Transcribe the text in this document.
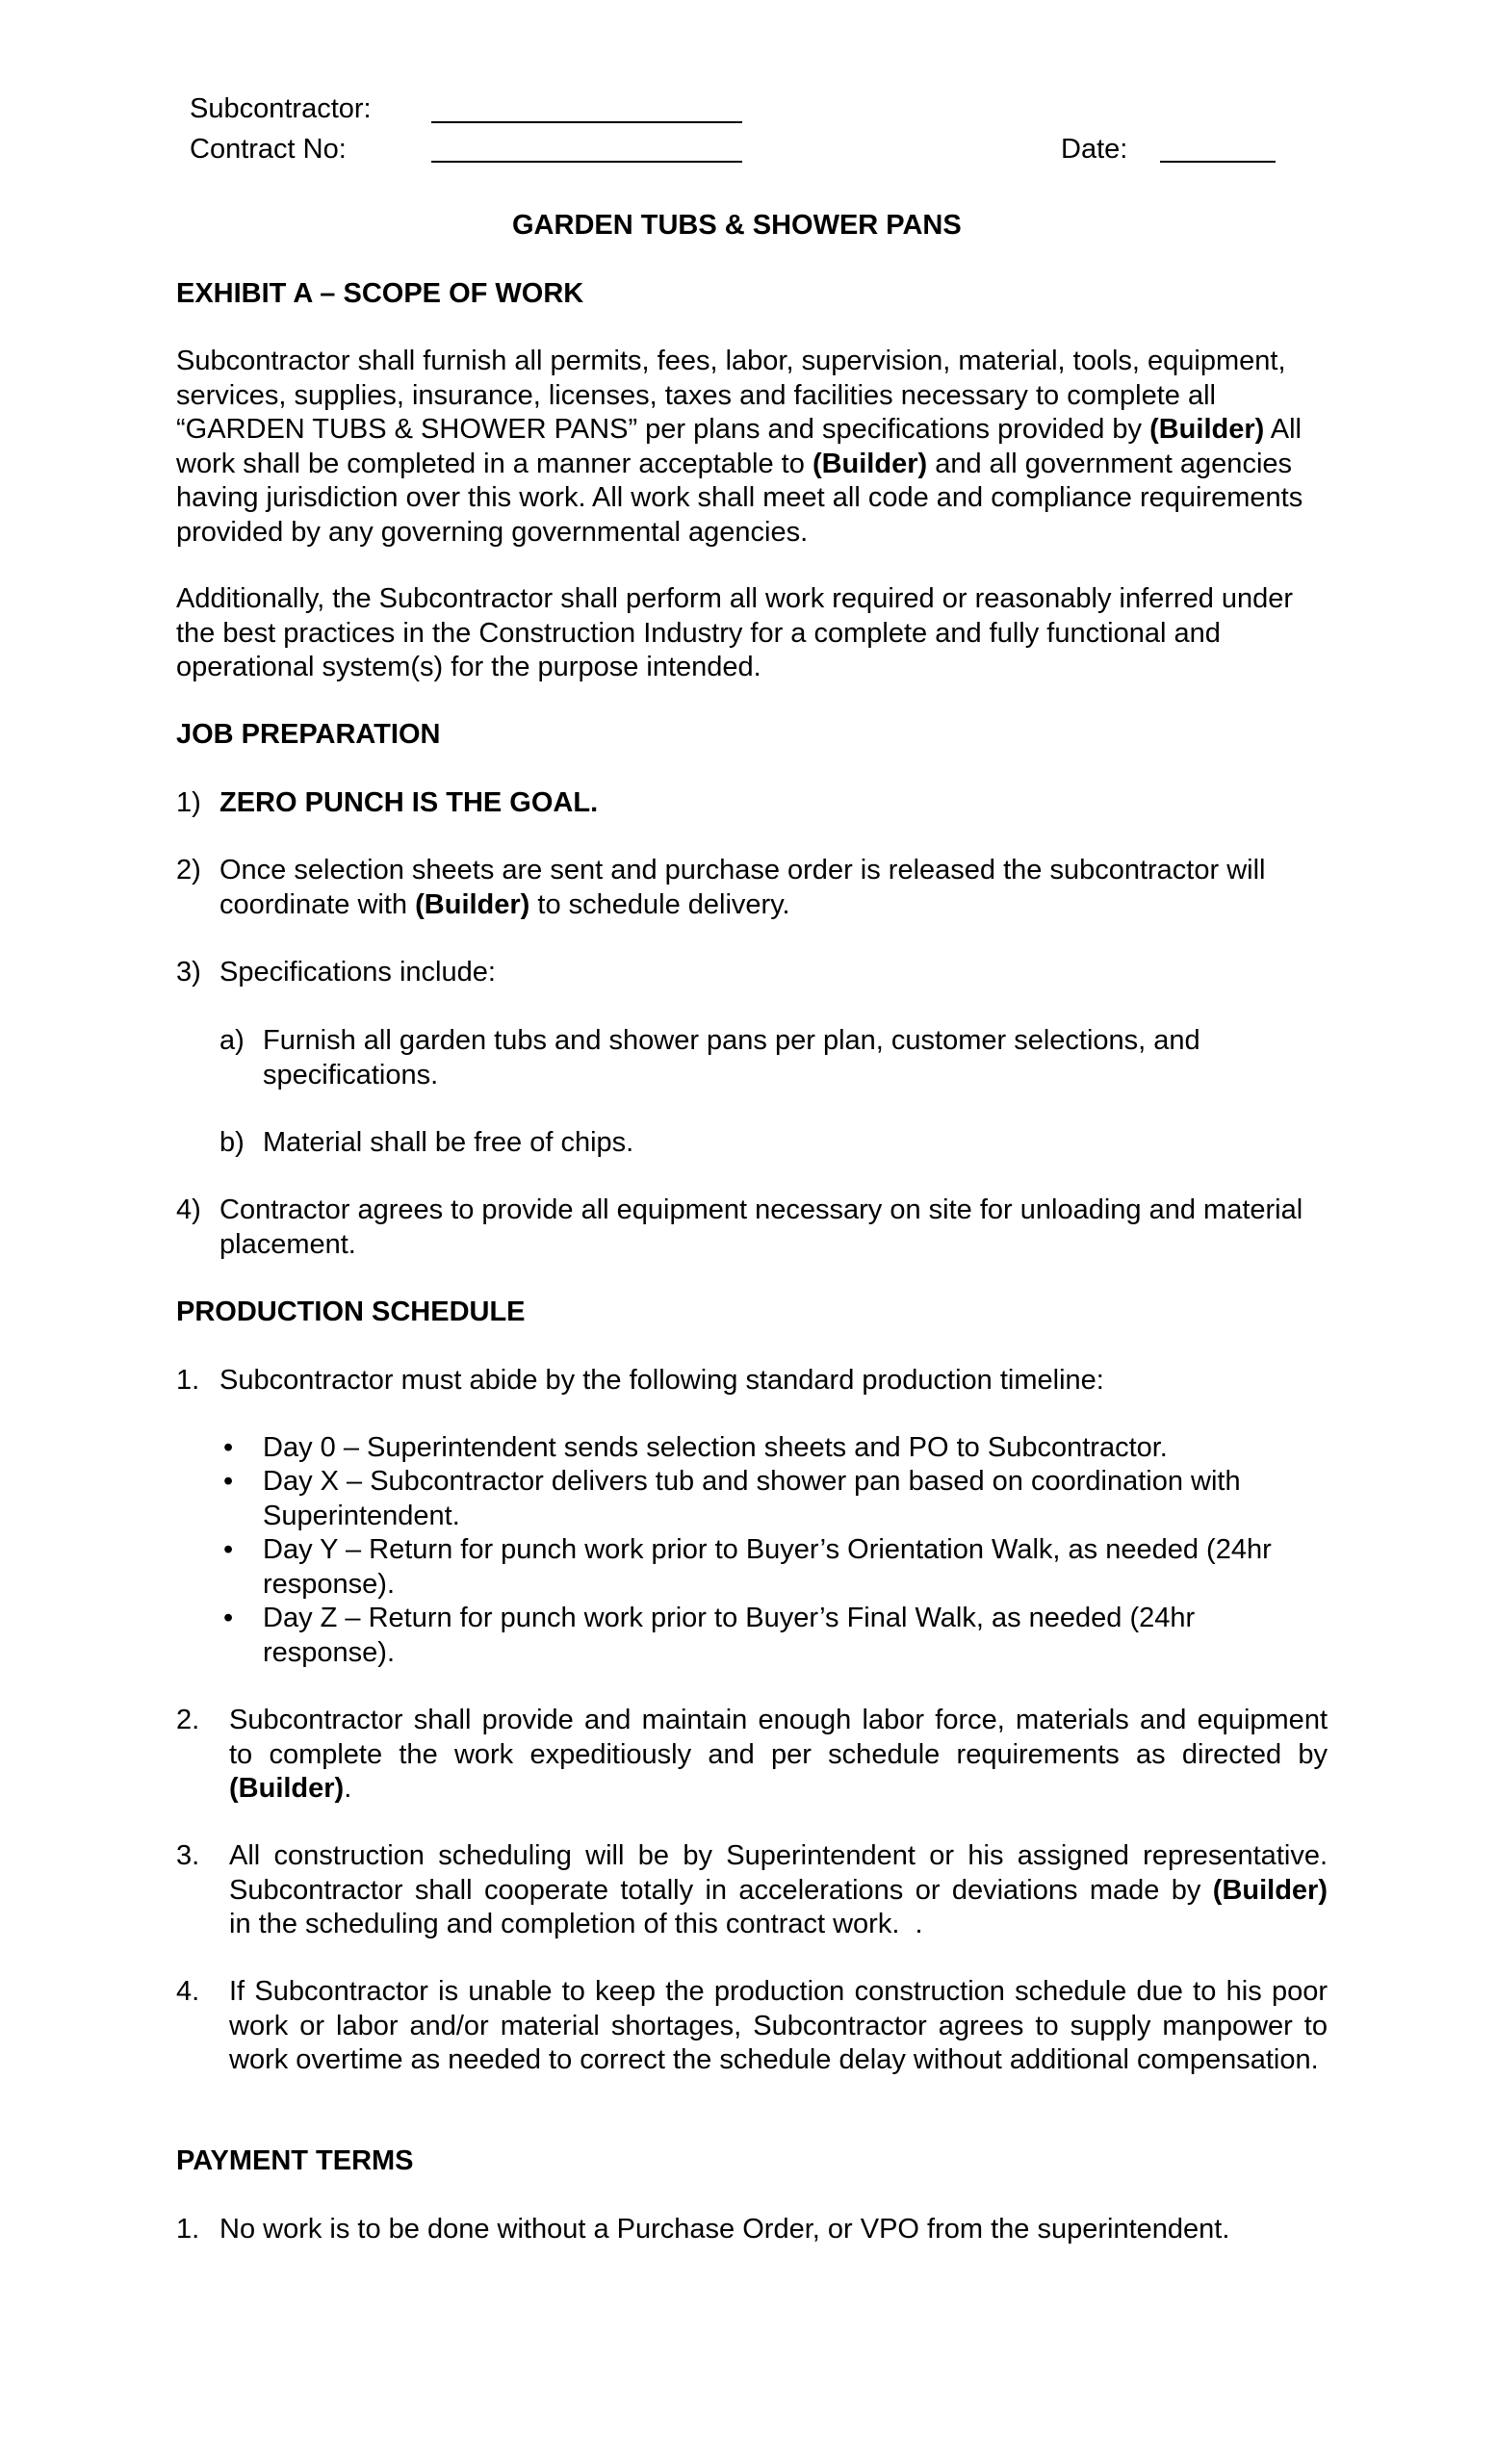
Subcontractor:
Contract No:	Date:
GARDEN TUBS & SHOWER PANS
EXHIBIT A – SCOPE OF WORK
Subcontractor shall furnish all permits, fees, labor, supervision, material, tools, equipment, services, supplies, insurance, licenses, taxes and facilities necessary to complete all “GARDEN TUBS & SHOWER PANS” per plans and specifications provided by (Builder) All work shall be completed in a manner acceptable to (Builder) and all government agencies having jurisdiction over this work. All work shall meet all code and compliance requirements provided by any governing governmental agencies.
Additionally, the Subcontractor shall perform all work required or reasonably inferred under the best practices in the Construction Industry for a complete and fully functional and operational system(s) for the purpose intended.
JOB PREPARATION
1) ZERO PUNCH IS THE GOAL.
2) Once selection sheets are sent and purchase order is released the subcontractor will coordinate with (Builder) to schedule delivery.
3) Specifications include:
a) Furnish all garden tubs and shower pans per plan, customer selections, and specifications.
b) Material shall be free of chips.
4) Contractor agrees to provide all equipment necessary on site for unloading and material placement.
PRODUCTION SCHEDULE
1. Subcontractor must abide by the following standard production timeline:
• Day 0 – Superintendent sends selection sheets and PO to Subcontractor.
• Day X – Subcontractor delivers tub and shower pan based on coordination with Superintendent.
• Day Y – Return for punch work prior to Buyer’s Orientation Walk, as needed (24hr response).
• Day Z – Return for punch work prior to Buyer’s Final Walk, as needed (24hr response).
2. Subcontractor shall provide and maintain enough labor force, materials and equipment to complete the work expeditiously and per schedule requirements as directed by (Builder).
3. All construction scheduling will be by Superintendent or his assigned representative. Subcontractor shall cooperate totally in accelerations or deviations made by (Builder)     in the scheduling and completion of this contract work.  .
4. If Subcontractor is unable to keep the production construction schedule due to his poor work or labor and/or material shortages, Subcontractor agrees to supply manpower to work overtime as needed to correct the schedule delay without additional compensation.
PAYMENT TERMS
1. No work is to be done without a Purchase Order, or VPO from the superintendent.
